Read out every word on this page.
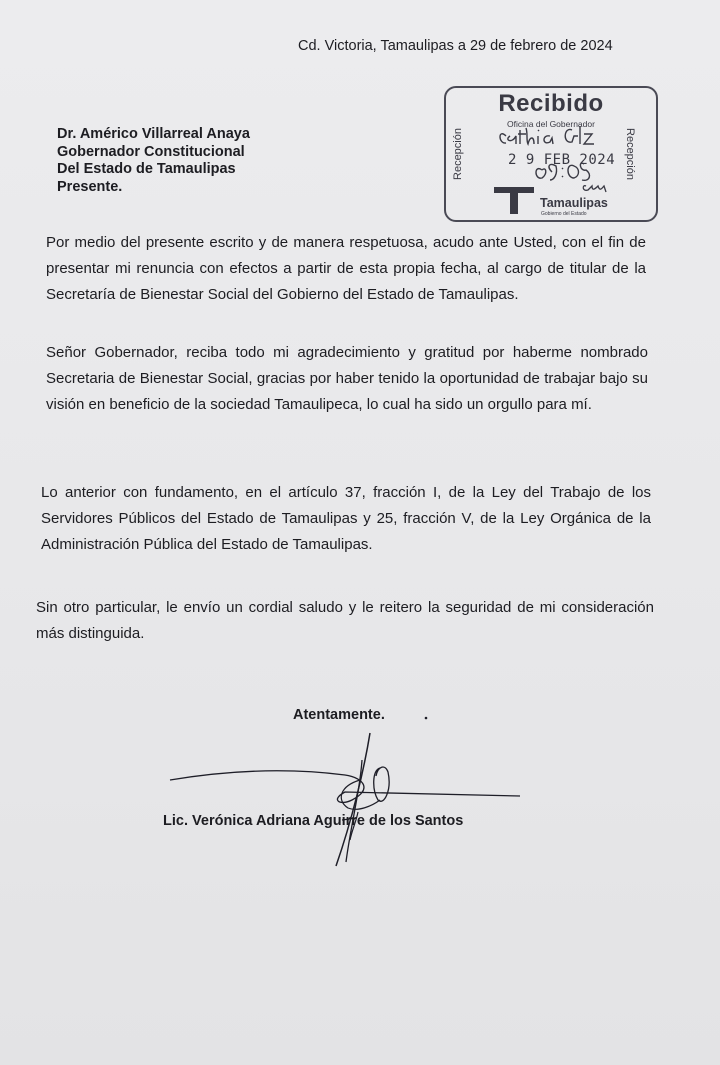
Cd. Victoria, Tamaulipas a 29 de febrero de 2024
Dr. Américo Villarreal Anaya
Gobernador Constitucional
Del Estado de Tamaulipas
Presente.
Recibido
Oficina del Gobernador
Recepción	Recepción
2 9 FEB 2024
Tamaulipas
Gobierno del Estado
Por medio del presente escrito y de manera respetuosa, acudo ante Usted, con el fin de presentar mi renuncia con efectos a partir de esta propia fecha, al cargo de titular de la Secretaría de Bienestar Social del Gobierno del Estado de Tamaulipas.
Señor Gobernador, reciba todo mi agradecimiento y gratitud por haberme nombrado Secretaria de Bienestar Social, gracias por haber tenido la oportunidad de trabajar bajo su visión en beneficio de la sociedad Tamaulipeca, lo cual ha sido un orgullo para mí.
Lo anterior con fundamento, en el artículo 37, fracción I, de la Ley del Trabajo de los Servidores Públicos del Estado de Tamaulipas y 25, fracción V, de la Ley Orgánica de la Administración Pública del Estado de Tamaulipas.
Sin otro particular, le envío un cordial saludo y le reitero la seguridad de mi consideración más distinguida.
Atentamente.
Lic. Verónica Adriana Aguirre de los Santos
